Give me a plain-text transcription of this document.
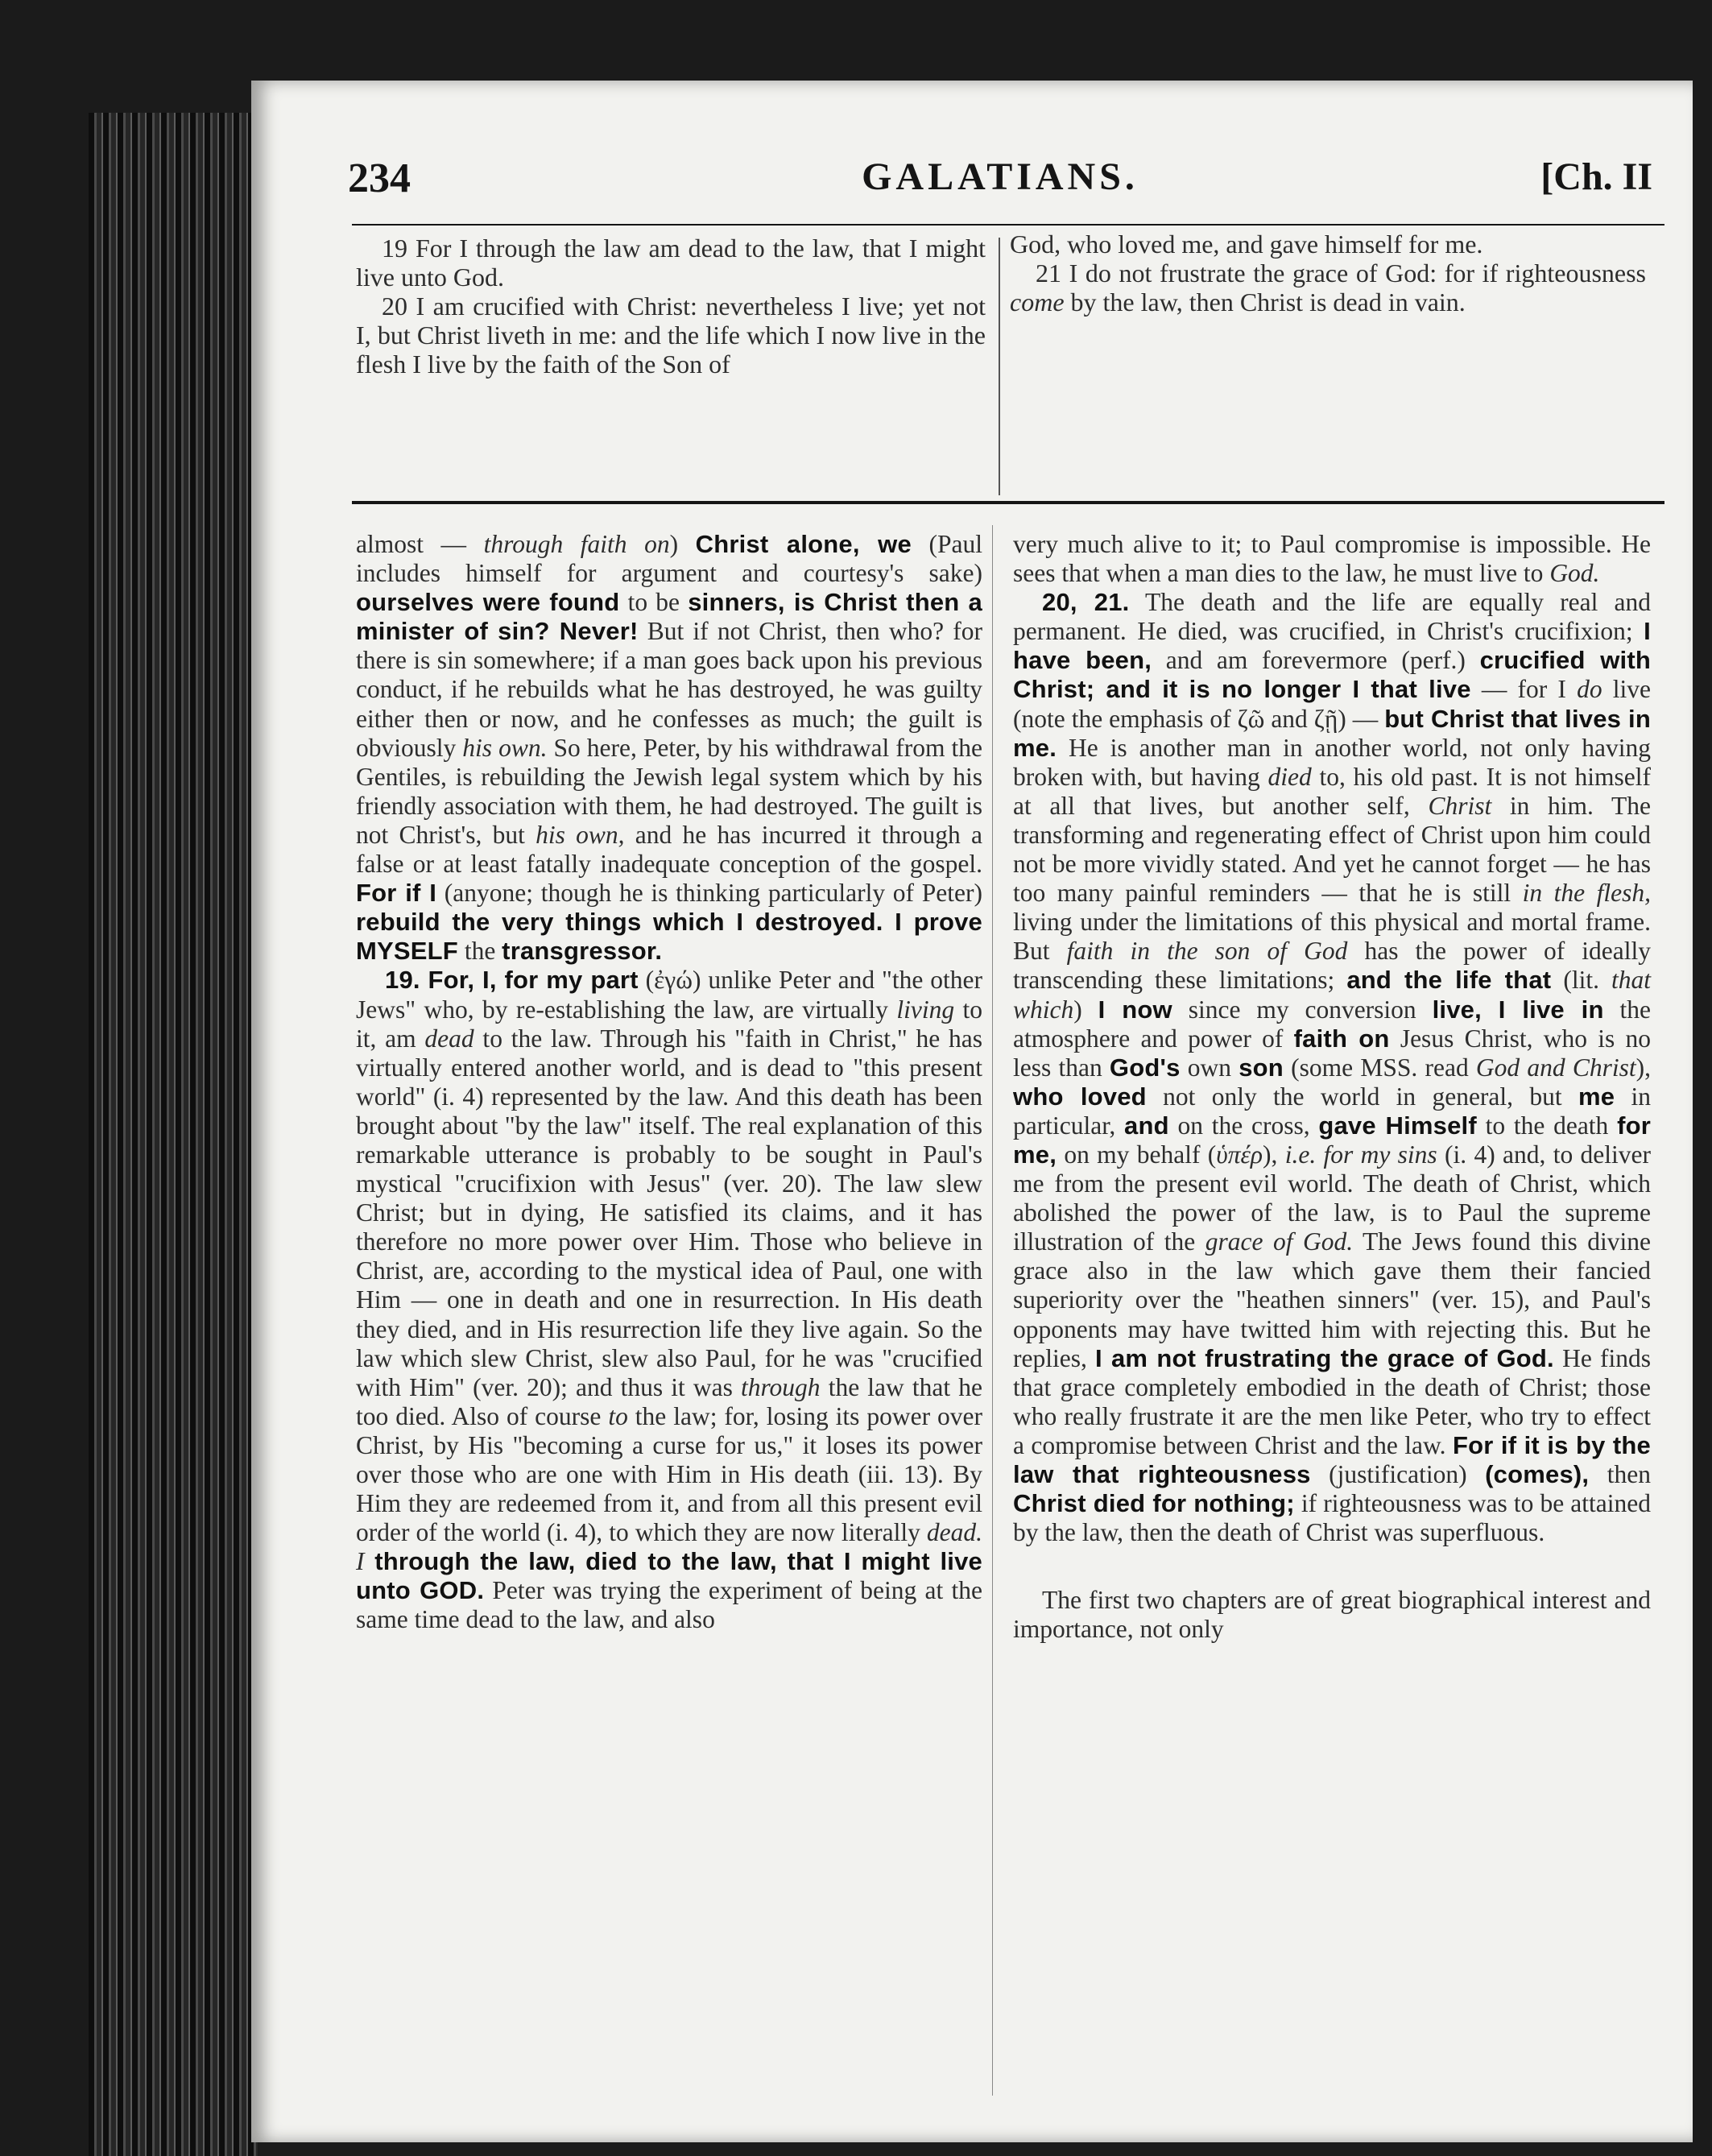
234	GALATIANS.	[Ch. II

 19 For I through the law am dead to the law, that I might live unto God.
 20 I am crucified with Christ: nevertheless I live; yet not I, but Christ liveth in me: and the life which I now live in the flesh I live by the faith of the Son of

God, who loved me, and gave himself for me.
 21 I do not frustrate the grace of God: for if righteousness come by the law, then Christ is dead in vain.

almost — through faith on) Christ alone, we (Paul includes himself for argument and courtesy's sake) ourselves were found to be sinners, is Christ then a minister of sin? Never! But if not Christ, then who? for there is sin somewhere; if a man goes back upon his previous conduct, if he rebuilds what he has destroyed, he was guilty either then or now, and he confesses as much; the guilt is obviously his own. So here, Peter, by his withdrawal from the Gentiles, is rebuilding the Jewish legal system which by his friendly association with them, he had destroyed. The guilt is not Christ's, but his own, and he has incurred it through a false or at least fatally inadequate conception of the gospel. For if I (anyone; though he is thinking particularly of Peter) rebuild the very things which I destroyed. I prove MYSELF the transgressor.

19. For, I, for my part (ἐγώ) unlike Peter and "the other Jews" who, by re-establishing the law, are virtually living to it, am dead to the law. Through his "faith in Christ," he has virtually entered another world, and is dead to "this present world" (i. 4) represented by the law. And this death has been brought about "by the law" itself. The real explanation of this remarkable utterance is probably to be sought in Paul's mystical "crucifixion with Jesus" (ver. 20). The law slew Christ; but in dying, He satisfied its claims, and it has therefore no more power over Him. Those who believe in Christ, are, according to the mystical idea of Paul, one with Him — one in death and one in resurrection. In His death they died, and in His resurrection life they live again. So the law which slew Christ, slew also Paul, for he was "crucified with Him" (ver. 20); and thus it was through the law that he too died. Also of course to the law; for, losing its power over Christ, by His "becoming a curse for us," it loses its power over those who are one with Him in His death (iii. 13). By Him they are redeemed from it, and from all this present evil order of the world (i. 4), to which they are now literally dead. I through the law, died to the law, that I might live unto GOD. Peter was trying the experiment of being at the same time dead to the law, and also

very much alive to it; to Paul compromise is impossible. He sees that when a man dies to the law, he must live to God.

20, 21. The death and the life are equally real and permanent. He died, was crucified, in Christ's crucifixion; I have been, and am forevermore (perf.) crucified with Christ; and it is no longer I that live — for I do live (note the emphasis of ζῶ and ζῇ) — but Christ that lives in me. He is another man in another world, not only having broken with, but having died to, his old past. It is not himself at all that lives, but another self, Christ in him. The transforming and regenerating effect of Christ upon him could not be more vividly stated. And yet he cannot forget — he has too many painful reminders — that he is still in the flesh, living under the limitations of this physical and mortal frame. But faith in the son of God has the power of ideally transcending these limitations; and the life that (lit. that which) I now since my conversion live, I live in the atmosphere and power of faith on Jesus Christ, who is no less than God's own son (some MSS. read God and Christ), who loved not only the world in general, but me in particular, and on the cross, gave Himself to the death for me, on my behalf (ὑπέρ), i.e. for my sins (i. 4) and, to deliver me from the present evil world. The death of Christ, which abolished the power of the law, is to Paul the supreme illustration of the grace of God. The Jews found this divine grace also in the law which gave them their fancied superiority over the "heathen sinners" (ver. 15), and Paul's opponents may have twitted him with rejecting this. But he replies, I am not frustrating the grace of God. He finds that grace completely embodied in the death of Christ; those who really frustrate it are the men like Peter, who try to effect a compromise between Christ and the law. For if it is by the law that righteousness (justification) (comes), then Christ died for nothing; if righteousness was to be attained by the law, then the death of Christ was superfluous.

The first two chapters are of great biographical interest and importance, not only
